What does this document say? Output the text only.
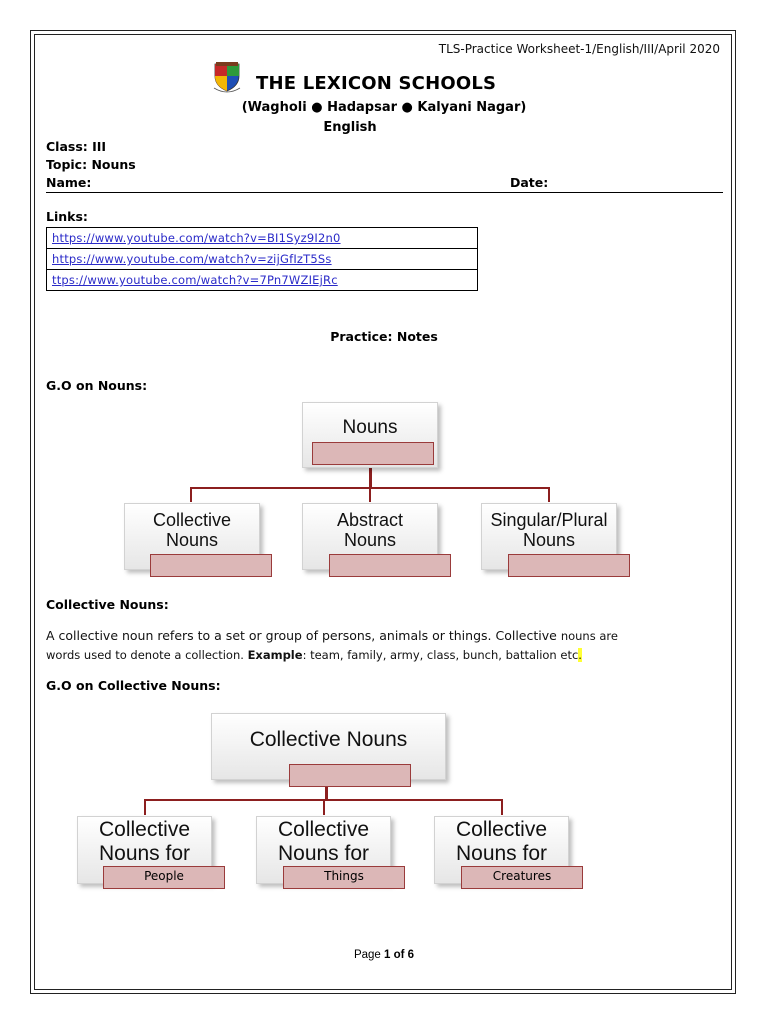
TLS-Practice Worksheet-1/English/III/April 2020
THE LEXICON SCHOOLS
(Wagholi ● Hadapsar ● Kalyani Nagar)
English
Class: III
Topic: Nouns
Name:	Date:
Links:
https://www.youtube.com/watch?v=BI1Syz9I2n0
https://www.youtube.com/watch?v=zijGfIzT5Ss
ttps://www.youtube.com/watch?v=7Pn7WZIEjRc
Practice: Notes
G.O on Nouns:
Nouns
Collective Nouns
Abstract Nouns
Singular/Plural Nouns
Collective Nouns:
A collective noun refers to a set or group of persons, animals or things. Collective nouns are
words used to denote a collection. Example: team, family, army, class, bunch, battalion etc.
G.O on Collective Nouns:
Collective Nouns
Collective Nouns for
People
Collective Nouns for
Things
Collective Nouns for
Creatures
Page 1 of 6
